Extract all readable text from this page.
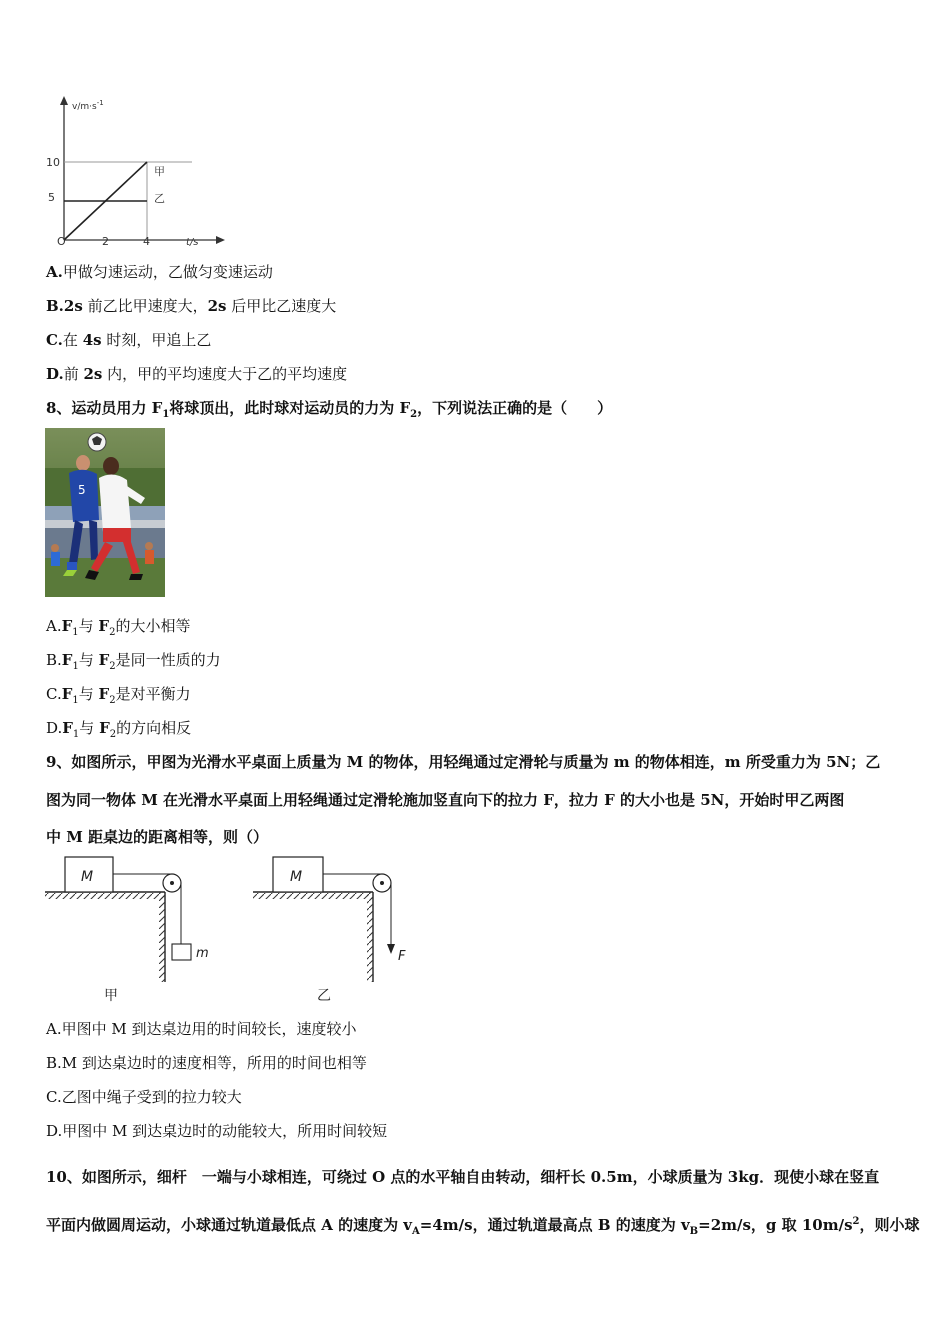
$v/m\cdot s^{-1}$
10
5
O	2	4	t/s
甲
乙
A.甲做匀速运动，乙做匀变速运动
B.2s 前乙比甲速度大，2s 后甲比乙速度大
C.在 4s 时刻，甲追上乙
D.前 2s 内，甲的平均速度大于乙的平均速度
8、运动员用力 $F_1$将球顶出，此时球对运动员的力为 $F_2$，下列说法正确的是（　　）
5
$A.F_1$与 $F_2$的大小相等
$B.F_1$与 $F_2$是同一性质的力
$C.F_1$与 $F_2$是对平衡力
$D.F_1$与 $F_2$的方向相反
9、如图所示，甲图为光滑水平桌面上质量为 M 的物体，用轻绳通过定滑轮与质量为 m 的物体相连，m 所受重力为 5N；乙
图为同一物体 M 在光滑水平桌面上用轻绳通过定滑轮施加竖直向下的拉力 F，拉力 F 的大小也是 5N，开始时甲乙两图
中 M 距桌边的距离相等，则（）
M
m
甲
M
F
乙
A.甲图中 M 到达桌边用的时间较长，速度较小
B.M 到达桌边时的速度相等，所用的时间也相等
C.乙图中绳子受到的拉力较大
D.甲图中 M 到达桌边时的动能较大，所用时间较短
10、如图所示，细杆　一端与小球相连，可绕过 O 点的水平轴自由转动，细杆长 0.5m，小球质量为 3kg．现使小球在竖直
平面内做圆周运动，小球通过轨道最低点 A 的速度为 $v_A=4m/s$，通过轨道最高点 B 的速度为 $v_B=2m/s$，g 取 $10m/s^2$，则小球
